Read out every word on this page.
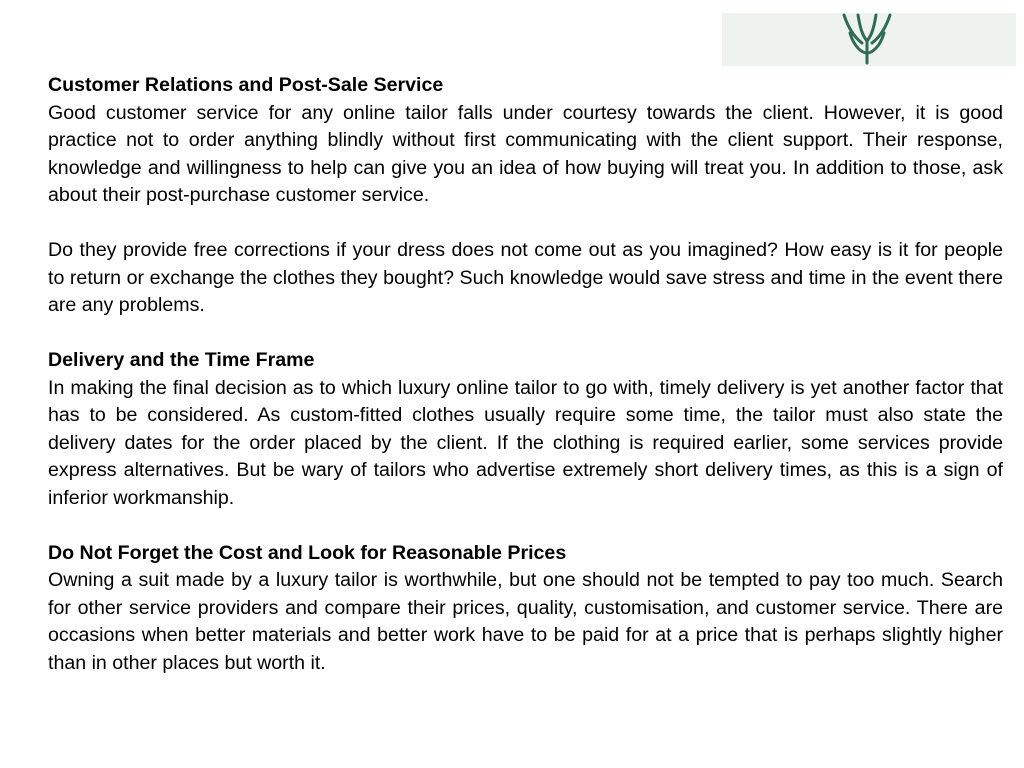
Customer Relations and Post-Sale Service
Good customer service for any online tailor falls under courtesy towards the client. However, it is good practice not to order anything blindly without first communicating with the client support. Their response, knowledge and willingness to help can give you an idea of how buying will treat you. In addition to those, ask about their post-purchase customer service.
Do they provide free corrections if your dress does not come out as you imagined? How easy is it for people to return or exchange the clothes they bought? Such knowledge would save stress and time in the event there are any problems.
Delivery and the Time Frame
In making the final decision as to which luxury online tailor to go with, timely delivery is yet another factor that has to be considered. As custom-fitted clothes usually require some time, the tailor must also state the delivery dates for the order placed by the client. If the clothing is required earlier, some services provide express alternatives. But be wary of tailors who advertise extremely short delivery times, as this is a sign of inferior workmanship.
Do Not Forget the Cost and Look for Reasonable Prices
Owning a suit made by a luxury tailor is worthwhile, but one should not be tempted to pay too much. Search for other service providers and compare their prices, quality, customisation, and customer service. There are occasions when better materials and better work have to be paid for at a price that is perhaps slightly higher than in other places but worth it.
